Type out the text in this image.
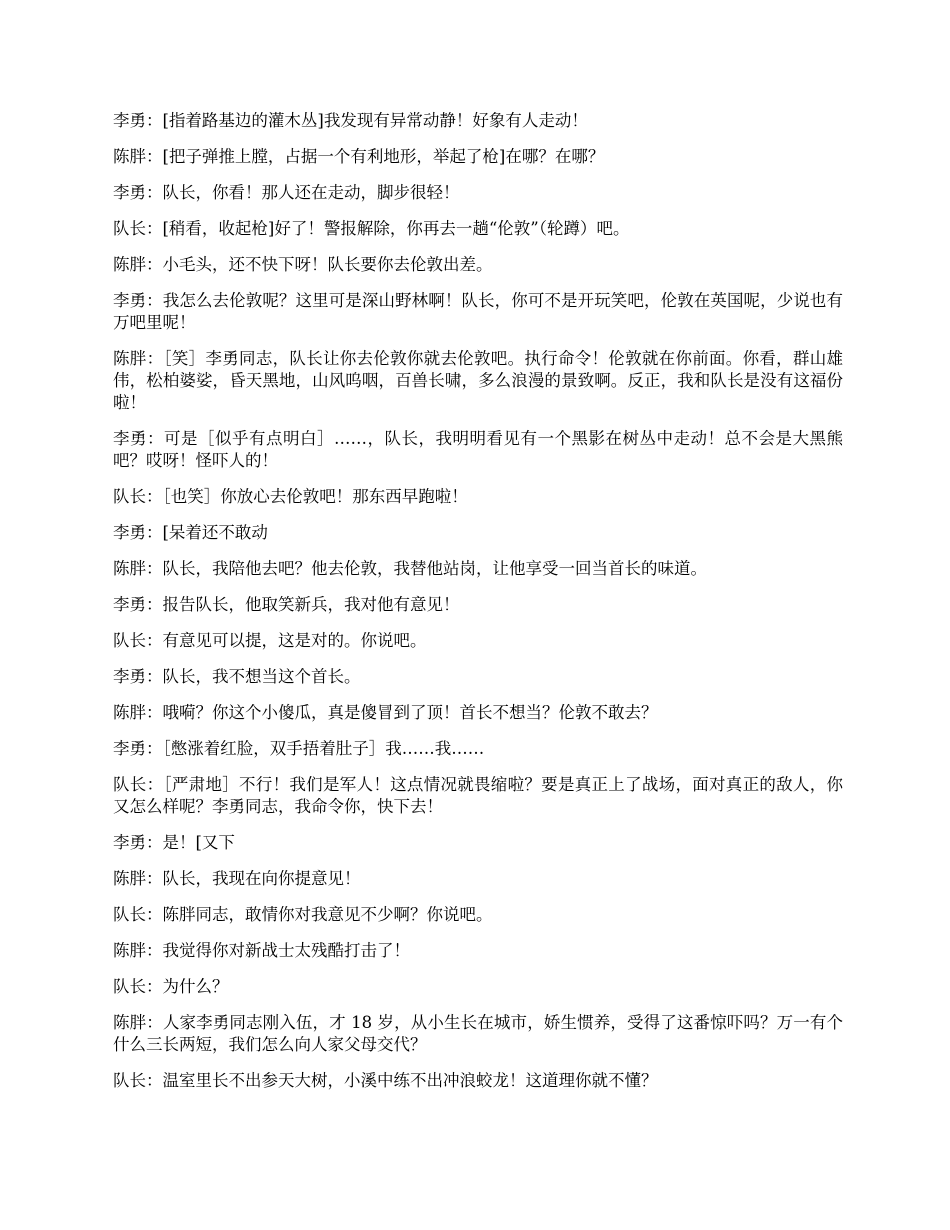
李勇：[指着路基边的灌木丛]我发现有异常动静！好象有人走动！

陈胖：[把子弹推上膛，占据一个有利地形，举起了枪]在哪？在哪？

李勇：队长，你看！那人还在走动，脚步很轻！

队长：[稍看，收起枪]好了！警报解除，你再去一趟“伦敦”（轮蹲）吧。

陈胖：小毛头，还不快下呀！队长要你去伦敦出差。

李勇：我怎么去伦敦呢？这里可是深山野林啊！队长，你可不是开玩笑吧，伦敦在英国呢，少说也有万吧里呢！

陈胖：［笑］李勇同志，队长让你去伦敦你就去伦敦吧。执行命令！伦敦就在你前面。你看，群山雄伟，松柏婆娑，昏天黑地，山风呜咽，百兽长啸，多么浪漫的景致啊。反正，我和队长是没有这福份啦！

李勇：可是［似乎有点明白］……，队长，我明明看见有一个黑影在树丛中走动！总不会是大黑熊吧？哎呀！怪吓人的！

队长：［也笑］你放心去伦敦吧！那东西早跑啦！

李勇：[呆着还不敢动

陈胖：队长，我陪他去吧？他去伦敦，我替他站岗，让他享受一回当首长的味道。

李勇：报告队长，他取笑新兵，我对他有意见！

队长：有意见可以提，这是对的。你说吧。

李勇：队长，我不想当这个首长。

陈胖：哦嗬？你这个小傻瓜，真是傻冒到了顶！首长不想当？伦敦不敢去？

李勇：［憋涨着红脸，双手捂着肚子］我……我……

队长：［严肃地］不行！我们是军人！这点情况就畏缩啦？要是真正上了战场，面对真正的敌人，你又怎么样呢？李勇同志，我命令你，快下去！

李勇：是！[又下

陈胖：队长，我现在向你提意见！

队长：陈胖同志，敢情你对我意见不少啊？你说吧。

陈胖：我觉得你对新战士太残酷打击了！

队长：为什么？

陈胖：人家李勇同志刚入伍，才 18 岁，从小生长在城市，娇生惯养，受得了这番惊吓吗？万一有个什么三长两短，我们怎么向人家父母交代？

队长：温室里长不出参天大树，小溪中练不出冲浪蛟龙！这道理你就不懂？
